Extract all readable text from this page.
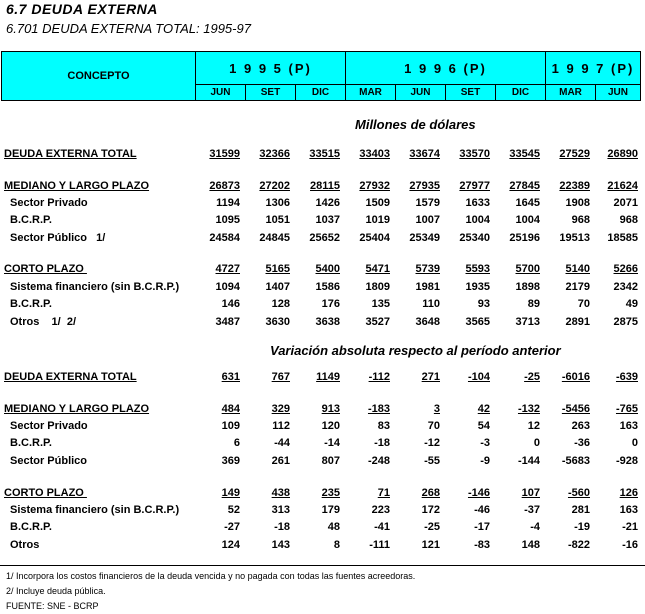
6.7 DEUDA EXTERNA
6.701 DEUDA EXTERNA TOTAL: 1995-97
CONCEPTO
1 9 9 5 (P)	1 9 9 6 (P)	1 9 9 7 (P)
JUN	SET	DIC	MAR	JUN	SET	DIC	MAR	JUN
Millones de dólares
Variación absoluta respecto al período anterior
DEUDA EXTERNA TOTAL	31599	32366	33515	33403	33674	33570	33545	27529	26890
MEDIANO Y LARGO PLAZO	26873	27202	28115	27932	27935	27977	27845	22389	21624
Sector Privado	1194	1306	1426	1509	1579	1633	1645	1908	2071
B.C.R.P.	1095	1051	1037	1019	1007	1004	1004	968	968
Sector Público   1/	24584	24845	25652	25404	25349	25340	25196	19513	18585
CORTO PLAZO	4727	5165	5400	5471	5739	5593	5700	5140	5266
Sistema financiero (sin B.C.R.P.)	1094	1407	1586	1809	1981	1935	1898	2179	2342
B.C.R.P.	146	128	176	135	110	93	89	70	49
Otros    1/  2/	3487	3630	3638	3527	3648	3565	3713	2891	2875
DEUDA EXTERNA TOTAL	631	767	1149	-112	271	-104	-25	-6016	-639
MEDIANO Y LARGO PLAZO	484	329	913	-183	3	42	-132	-5456	-765
Sector Privado	109	112	120	83	70	54	12	263	163
B.C.R.P.	6	-44	-14	-18	-12	-3	0	-36	0
Sector Público	369	261	807	-248	-55	-9	-144	-5683	-928
CORTO PLAZO	149	438	235	71	268	-146	107	-560	126
Sistema financiero (sin B.C.R.P.)	52	313	179	223	172	-46	-37	281	163
B.C.R.P.	-27	-18	48	-41	-25	-17	-4	-19	-21
Otros	124	143	8	-111	121	-83	148	-822	-16
1/ Incorpora los costos financieros de la deuda vencida y no pagada con todas las fuentes acreedoras.
2/ Incluye deuda pública.
FUENTE: SNE - BCRP
